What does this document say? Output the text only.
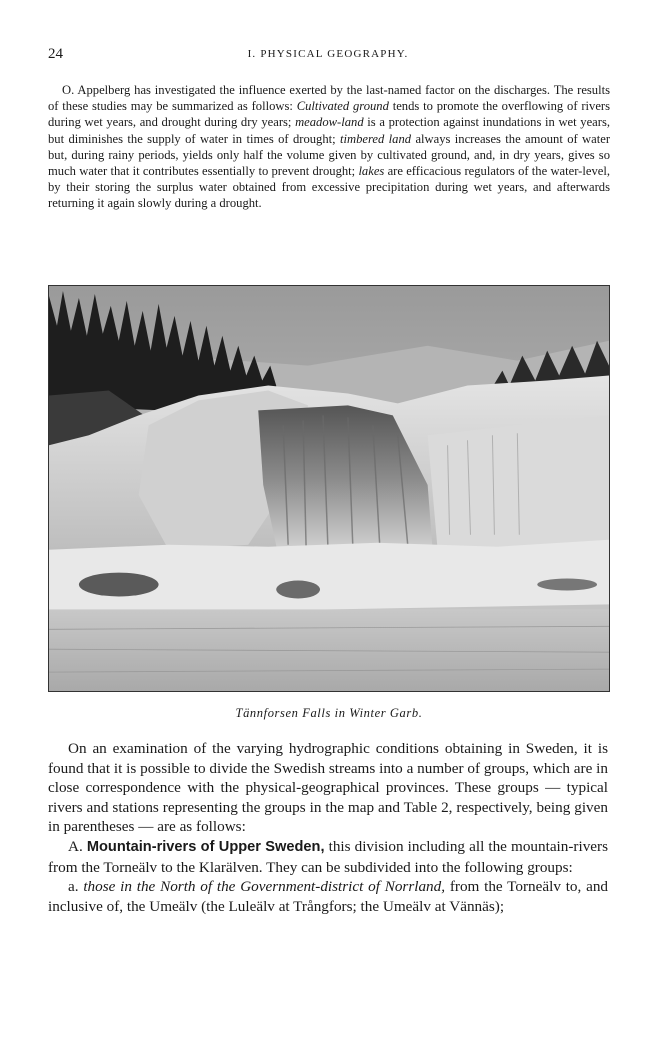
24	I. PHYSICAL GEOGRAPHY.

O. Appelberg has investigated the influence exerted by the last-named factor on the discharges. The results of these studies may be summarized as follows: Cultivated ground tends to promote the overflowing of rivers during wet years, and drought during dry years; meadow-land is a protection against inundations in wet years, but diminishes the supply of water in times of drought; timbered land always increases the amount of water but, during rainy periods, yields only half the volume given by cultivated ground, and, in dry years, gives so much water that it contributes essentially to prevent drought; lakes are efficacious regulators of the water-level, by their storing the surplus water obtained from excessive precipitation during wet years, and afterwards returning it again slowly during a drought.

Tännforsen Falls in Winter Garb.

On an examination of the varying hydrographic conditions obtaining in Sweden, it is found that it is possible to divide the Swedish streams into a number of groups, which are in close correspondence with the physical-geographical provinces. These groups — typical rivers and stations representing the groups in the map and Table 2, respectively, being given in parentheses — are as follows:

A. Mountain-rivers of Upper Sweden, this division including all the mountain-rivers from the Torneälv to the Klarälven. They can be subdivided into the following groups:

a. those in the North of the Government-district of Norrland, from the Torneälv to, and inclusive of, the Umeälv (the Luleälv at Trångfors; the Umeälv at Vännäs);
